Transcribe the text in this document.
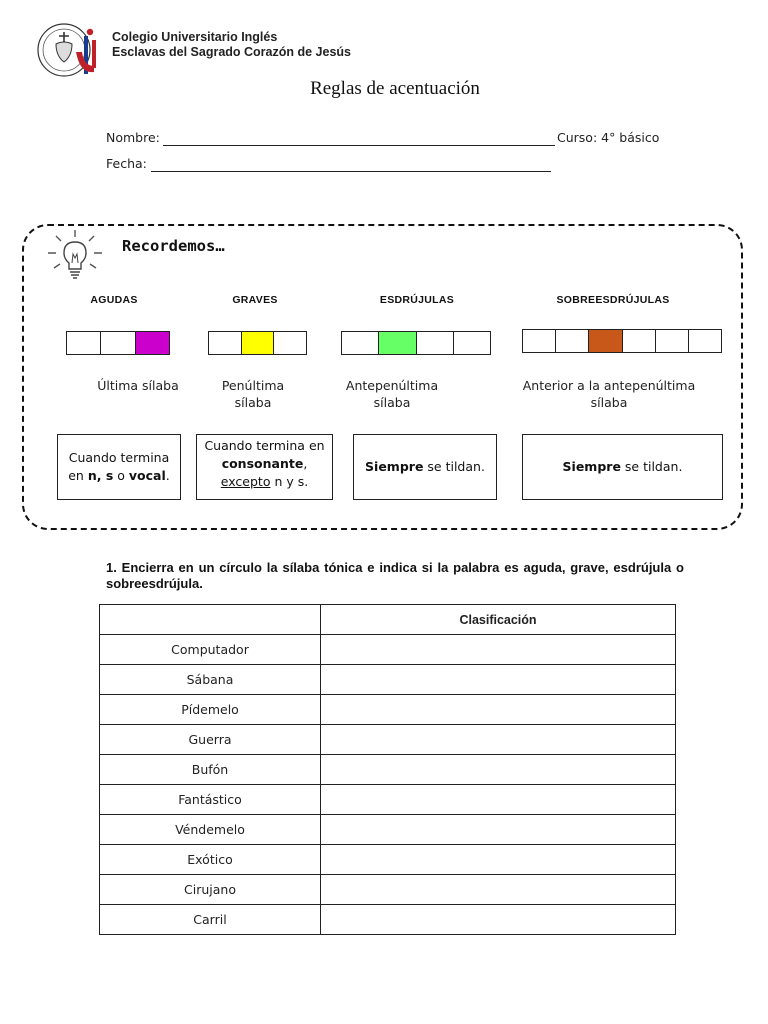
Colegio Universitario Inglés
Esclavas del Sagrado Corazón de Jesús
Reglas de acentuación
Nombre:	Curso: 4° básico
Fecha:
Recordemos…
AGUDAS
Última sílaba
Cuando termina
en n, s o vocal.
GRAVES
Penúltima
sílaba
Cuando termina en
consonante,
excepto n y s.
ESDRÚJULAS
Antepenúltima
sílaba
Siempre se tildan.
SOBREESDRÚJULAS
Anterior a la antepenúltima
sílaba
Siempre se tildan.
1. Encierra en un círculo la sílaba tónica e indica si la palabra es aguda, grave, esdrújula o sobreesdrújula.
	Clasificación
Computador	
Sábana	
Pídemelo	
Guerra	
Bufón	
Fantástico	
Véndemelo	
Exótico	
Cirujano	
Carril	
